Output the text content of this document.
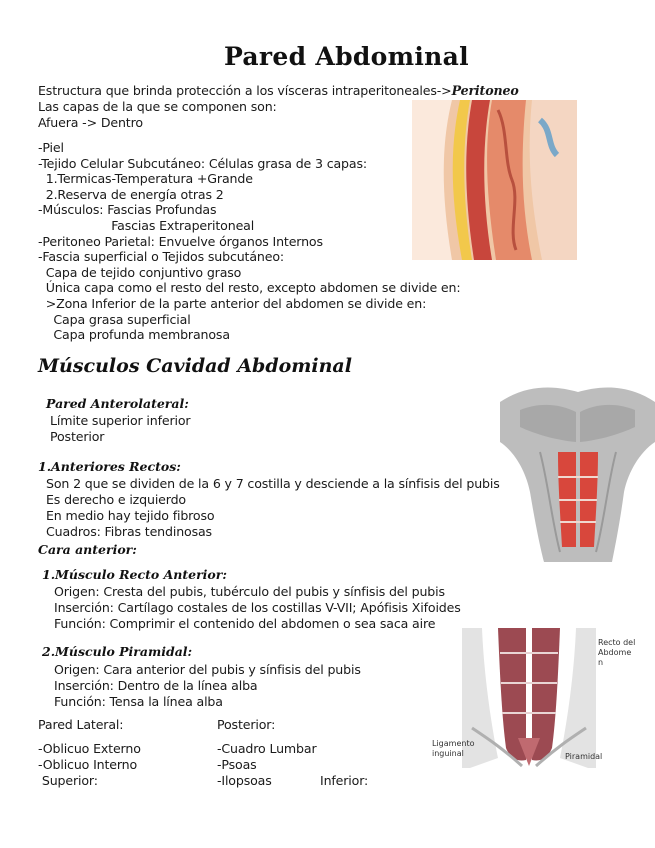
Pared Abdominal
Estructura que brinda protección a los vísceras intraperitoneales->Peritoneo
Las capas de la que se componen son:
Afuera -> Dentro
-Piel
-Tejido Celular Subcutáneo: Células grasa de 3 capas:
1.Termicas-Temperatura +Grande
2.Reserva de energía otras 2
-Músculos: Fascias Profundas
Fascias Extraperitoneal
-Peritoneo Parietal: Envuelve órganos Internos
-Fascia superficial o Tejidos subcutáneo:
Capa de tejido conjuntivo graso
Única capa como el resto del resto, excepto abdomen se divide en:
>Zona Inferior de la parte anterior del abdomen se divide en:
Capa grasa superficial
Capa profunda membranosa
Músculos Cavidad Abdominal
Pared Anterolateral:
Límite superior inferior
Posterior
1.Anteriores Rectos:
Son 2 que se dividen de la 6 y 7 costilla y desciende a la sínfisis del pubis
Es derecho e izquierdo
En medio hay tejido fibroso
Cuadros: Fibras tendinosas
Cara anterior:
1.Músculo Recto Anterior:
Origen: Cresta del pubis, tubérculo del pubis y sínfisis del pubis
Inserción: Cartílago costales de los costillas V-VII; Apófisis Xifoides
Función: Comprimir el contenido del abdomen o sea saca aire
Recto del
Abdome
n
Ligamento
inguinal	Piramidal
2.Músculo Piramidal:
Origen: Cara anterior del pubis y sínfisis del pubis
Inserción: Dentro de la línea alba
Función: Tensa la línea alba
Pared Lateral:	Posterior:
-Oblicuo Externo
-Oblicuo Interno
Superior:
-Cuadro Lumbar
-Psoas
-Ilopsoas	Inferior:
